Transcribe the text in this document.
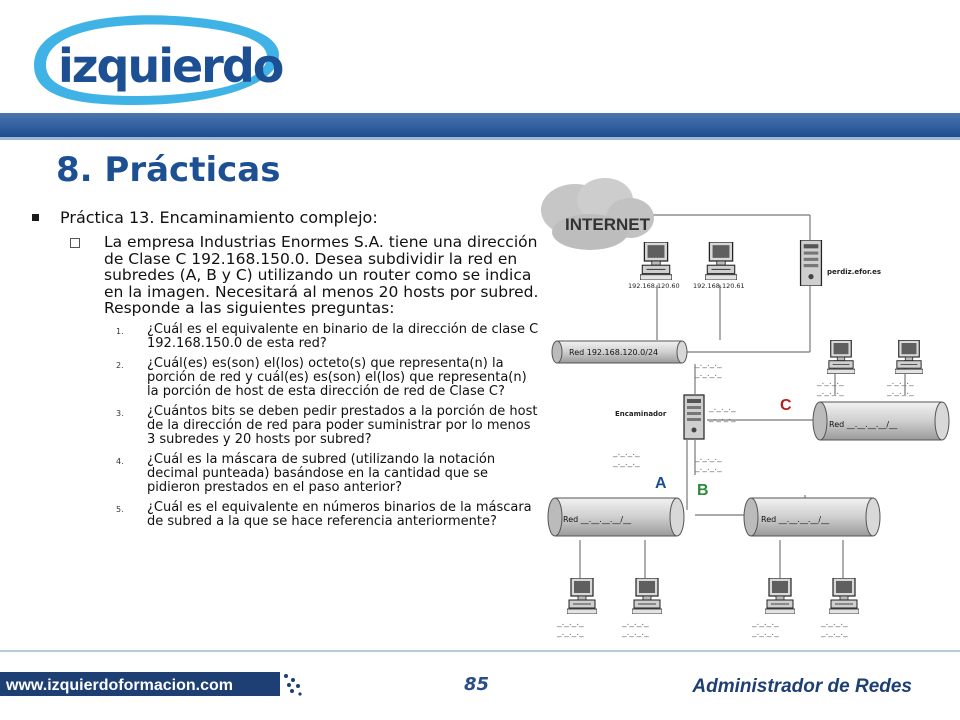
izquierdo
8. Prácticas
Práctica 13. Encaminamiento complejo:
La empresa Industrias Enormes S.A. tiene una dirección de Clase C 192.168.150.0. Desea subdividir la red en subredes (A, B y C) utilizando un router como se indica en la imagen. Necesitará al menos 20 hosts por subred. Responde a las siguientes preguntas:
1. ¿Cuál es el equivalente en binario de la dirección de clase C 192.168.150.0 de esta red?
2. ¿Cuál(es) es(son) el(los) octeto(s) que representa(n) la porción de red y cuál(es) es(son) el(los) que representa(n) la porción de host de esta dirección de red de Clase C?
3. ¿Cuántos bits se deben pedir prestados a la porción de host de la dirección de red para poder suministrar por lo menos 3 subredes y 20 hosts por subred?
4. ¿Cuál es la máscara de subred (utilizando la notación decimal punteada) basándose en la cantidad que se pidieron prestados en el paso anterior?
5. ¿Cuál es el equivalente en números binarios de la máscara de subred a la que se hace referencia anteriormente?
INTERNET
192.168.120.60 192.168.120.61
perdiz.efor.es
Red 192.168.120.0/24
Encaminador
_._._._
_._._._
_._._._
_._._._
_._._._
_._._._	_._._._
_._._._
A B
C
_._._._
_._._._
_._._._
_._._._
Red __.__.__.__/__
Red __.__.__.__/__	Red __.__.__.__/__
_._._._
_._._._
_._._._
_._._._
_._._._
_._._._
_._._._
_._._._
www.izquierdoformacion.com	85	Administrador de Redes
